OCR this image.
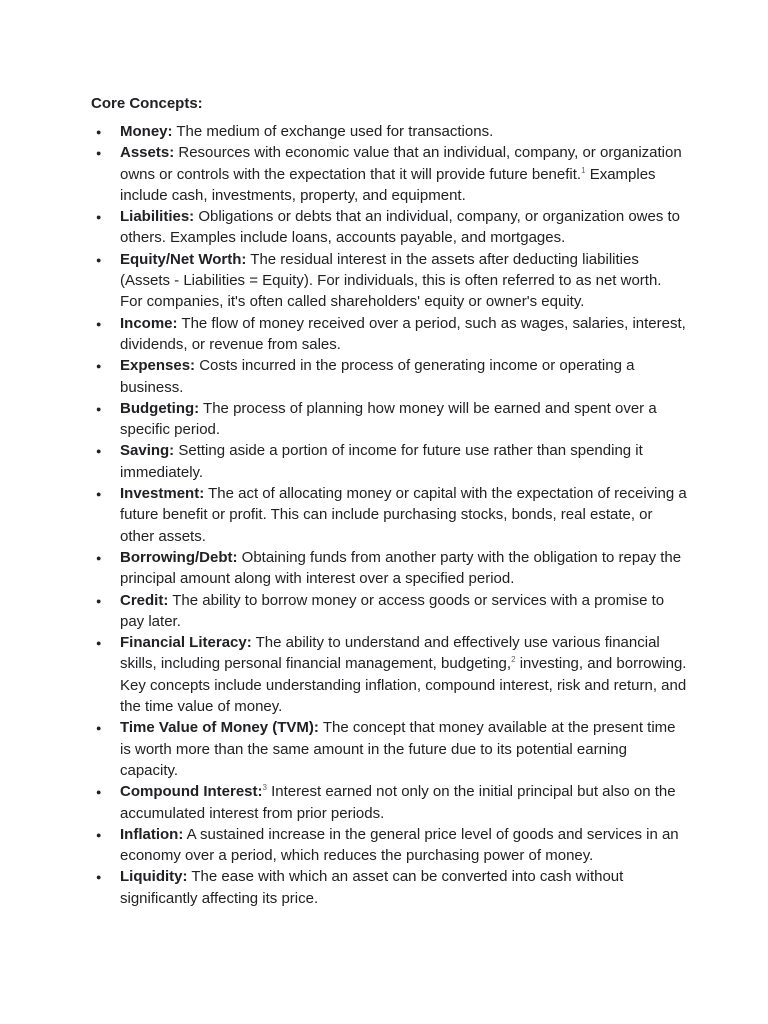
Core Concepts:
● Money: The medium of exchange used for transactions.
● Assets: Resources with economic value that an individual, company, or organization owns or controls with the expectation that it will provide future benefit.$^1$ Examples include cash, investments, property, and equipment.
● Liabilities: Obligations or debts that an individual, company, or organization owes to others. Examples include loans, accounts payable, and mortgages.
● Equity/Net Worth: The residual interest in the assets after deducting liabilities (Assets - Liabilities = Equity). For individuals, this is often referred to as net worth. For companies, it's often called shareholders' equity or owner's equity.
● Income: The flow of money received over a period, such as wages, salaries, interest, dividends, or revenue from sales.
● Expenses: Costs incurred in the process of generating income or operating a business.
● Budgeting: The process of planning how money will be earned and spent over a specific period.
● Saving: Setting aside a portion of income for future use rather than spending it immediately.
● Investment: The act of allocating money or capital with the expectation of receiving a future benefit or profit. This can include purchasing stocks, bonds, real estate, or other assets.
● Borrowing/Debt: Obtaining funds from another party with the obligation to repay the principal amount along with interest over a specified period.
● Credit: The ability to borrow money or access goods or services with a promise to pay later.
● Financial Literacy: The ability to understand and effectively use various financial skills, including personal financial management, budgeting,$^2$ investing, and borrowing. Key concepts include understanding inflation, compound interest, risk and return, and the time value of money.
● Time Value of Money (TVM): The concept that money available at the present time is worth more than the same amount in the future due to its potential earning capacity.
● Compound Interest:$^3$ Interest earned not only on the initial principal but also on the accumulated interest from prior periods.
● Inflation: A sustained increase in the general price level of goods and services in an economy over a period, which reduces the purchasing power of money.
● Liquidity: The ease with which an asset can be converted into cash without significantly affecting its price.
